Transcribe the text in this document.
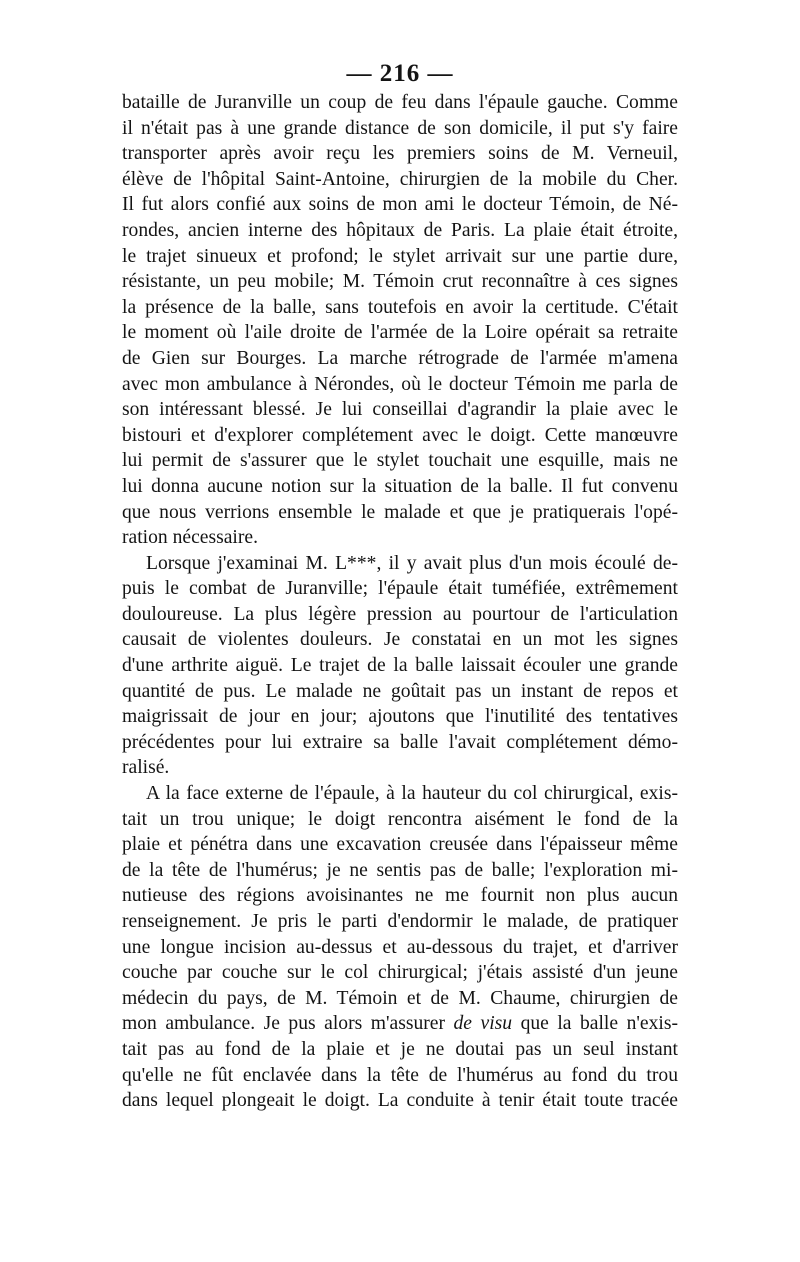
— 216 —
bataille de Juranville un coup de feu dans l'épaule gauche. Comme
il n'était pas à une grande distance de son domicile, il put s'y faire
transporter après avoir reçu les premiers soins de M. Verneuil,
élève de l'hôpital Saint-Antoine, chirurgien de la mobile du Cher.
Il fut alors confié aux soins de mon ami le docteur Témoin, de Né-
rondes, ancien interne des hôpitaux de Paris. La plaie était étroite,
le trajet sinueux et profond; le stylet arrivait sur une partie dure,
résistante, un peu mobile; M. Témoin crut reconnaître à ces signes
la présence de la balle, sans toutefois en avoir la certitude. C'était
le moment où l'aile droite de l'armée de la Loire opérait sa retraite
de Gien sur Bourges. La marche rétrograde de l'armée m'amena
avec mon ambulance à Nérondes, où le docteur Témoin me parla de
son intéressant blessé. Je lui conseillai d'agrandir la plaie avec le
bistouri et d'explorer complétement avec le doigt. Cette manœuvre
lui permit de s'assurer que le stylet touchait une esquille, mais ne
lui donna aucune notion sur la situation de la balle. Il fut convenu
que nous verrions ensemble le malade et que je pratiquerais l'opé-
ration nécessaire.
Lorsque j'examinai M. L***, il y avait plus d'un mois écoulé de-
puis le combat de Juranville; l'épaule était tuméfiée, extrêmement
douloureuse. La plus légère pression au pourtour de l'articulation
causait de violentes douleurs. Je constatai en un mot les signes
d'une arthrite aiguë. Le trajet de la balle laissait écouler une grande
quantité de pus. Le malade ne goûtait pas un instant de repos et
maigrissait de jour en jour; ajoutons que l'inutilité des tentatives
précédentes pour lui extraire sa balle l'avait complétement démo-
ralisé.
A la face externe de l'épaule, à la hauteur du col chirurgical, exis-
tait un trou unique; le doigt rencontra aisément le fond de la
plaie et pénétra dans une excavation creusée dans l'épaisseur même
de la tête de l'humérus; je ne sentis pas de balle; l'exploration mi-
nutieuse des régions avoisinantes ne me fournit non plus aucun
renseignement. Je pris le parti d'endormir le malade, de pratiquer
une longue incision au-dessus et au-dessous du trajet, et d'arriver
couche par couche sur le col chirurgical; j'étais assisté d'un jeune
médecin du pays, de M. Témoin et de M. Chaume, chirurgien de
mon ambulance. Je pus alors m'assurer de visu que la balle n'exis-
tait pas au fond de la plaie et je ne doutai pas un seul instant
qu'elle ne fût enclavée dans la tête de l'humérus au fond du trou
dans lequel plongeait le doigt. La conduite à tenir était toute tracée
